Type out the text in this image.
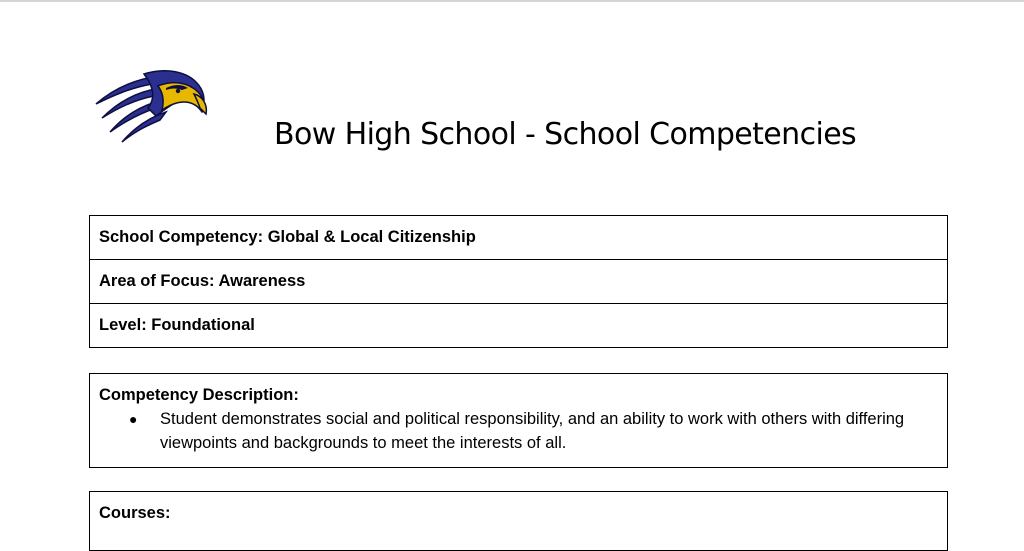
Bow High School - School Competencies
School Competency: Global & Local Citizenship
Area of Focus: Awareness
Level: Foundational
Competency Description:
● Student demonstrates social and political responsibility, and an ability to work with others with differing viewpoints and backgrounds to meet the interests of all.
Courses:
